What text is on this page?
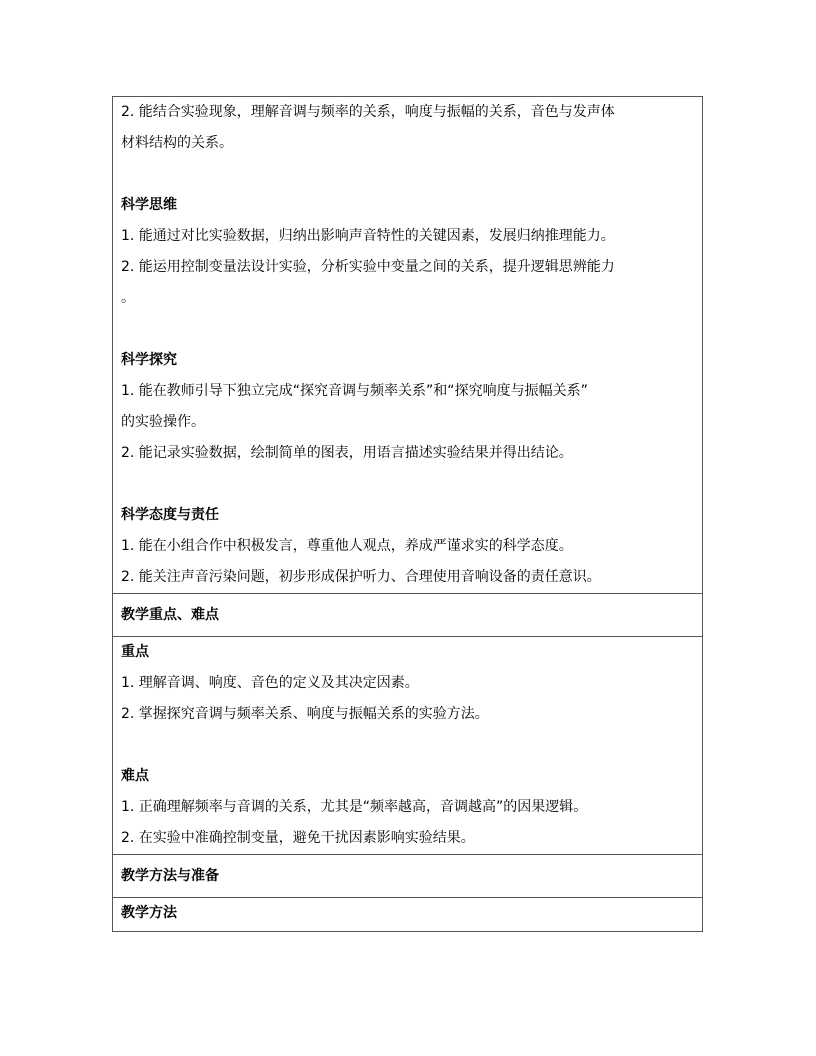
2. 能结合实验现象，理解音调与频率的关系，响度与振幅的关系，音色与发声体
材料结构的关系。
科学思维
1. 能通过对比实验数据，归纳出影响声音特性的关键因素，发展归纳推理能力。
2. 能运用控制变量法设计实验，分析实验中变量之间的关系，提升逻辑思辨能力
。
科学探究
1. 能在教师引导下独立完成“探究音调与频率关系”和“探究响度与振幅关系”
的实验操作。
2. 能记录实验数据，绘制简单的图表，用语言描述实验结果并得出结论。
科学态度与责任
1. 能在小组合作中积极发言，尊重他人观点，养成严谨求实的科学态度。
2. 能关注声音污染问题，初步形成保护听力、合理使用音响设备的责任意识。
教学重点、难点
重点
1. 理解音调、响度、音色的定义及其决定因素。
2. 掌握探究音调与频率关系、响度与振幅关系的实验方法。
难点
1. 正确理解频率与音调的关系，尤其是“频率越高，音调越高”的因果逻辑。
2. 在实验中准确控制变量，避免干扰因素影响实验结果。
教学方法与准备
教学方法
